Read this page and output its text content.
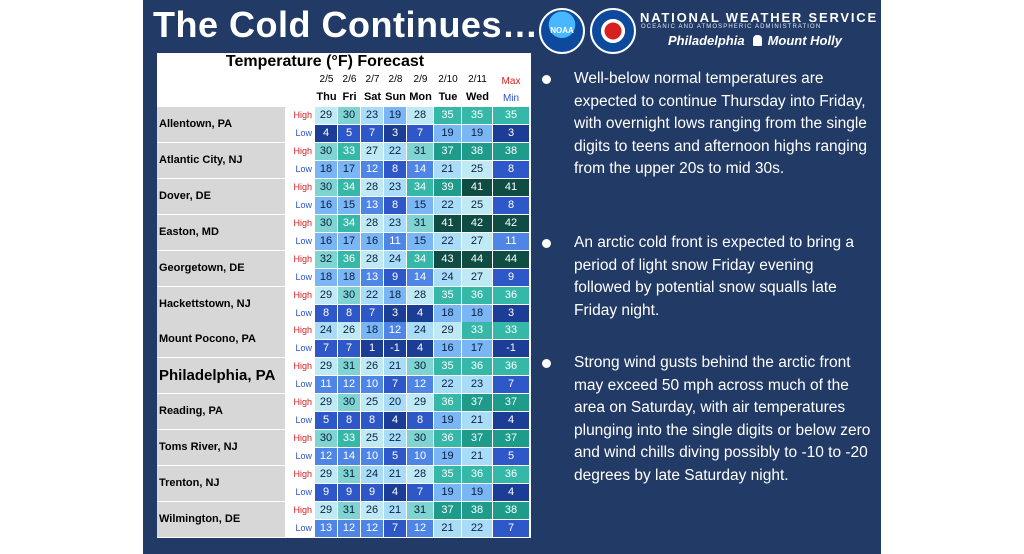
The Cold Continues…	NOAA
NATIONAL WEATHER SERVICE
OCEANIC AND ATMOSPHERIC ADMINISTRATION
Philadelphia Mount Holly
Temperature (°F) Forecast
2/5
Thu
2/6
Fri
2/7
Sat
2/8
Sun
2/9
Mon
2/10
Tue
2/11
Wed
Max
Min
Allentown, PA
High
Low
29
4
30
5
23
7
19
3
28
7
35
19
35
19
35
3
Atlantic City, NJ
High
Low
30
18
33
17
27
12
22
8
31
14
37
21
38
25
38
8
Dover, DE
High
Low
30
16
34
15
28
13
23
8
34
15
39
22
41
25
41
8
Easton, MD
High
Low
30
16
34
17
28
16
23
11
31
15
41
22
42
27
42
11
Georgetown, DE
High
Low
32
18
36
18
28
13
24
9
34
14
43
24
44
27
44
9
Hackettstown, NJ
High
Low
29
8
30
8
22
7
18
3
28
4
35
18
36
18
36
3
Mount Pocono, PA
High
Low
24
7
26
7
18
1
12
-1
24
4
29
16
33
17
33
-1
Philadelphia, PA
High
Low
29
11
31
12
26
10
21
7
30
12
35
22
36
23
36
7
Reading, PA
High
Low
29
5
30
8
25
8
20
4
29
8
36
19
37
21
37
4
Toms River, NJ
High
Low
30
12
33
14
25
10
22
5
30
10
36
19
37
21
37
5
Trenton, NJ
High
Low
29
9
31
9
24
9
21
4
28
7
35
19
36
19
36
4
Wilmington, DE
High
Low
29
13
31
12
26
12
21
7
31
12
37
21
38
22
38
7
Well-below normal temperatures are expected to continue Thursday into Friday, with overnight lows ranging from the single digits to teens and afternoon highs ranging from the upper 20s to mid 30s.
An arctic cold front is expected to bring a period of light snow Friday evening followed by potential snow squalls late Friday night.
Strong wind gusts behind the arctic front may exceed 50 mph across much of the area on Saturday, with air temperatures plunging into the single digits or below zero and wind chills diving possibly to -10 to -20 degrees by late Saturday night.
